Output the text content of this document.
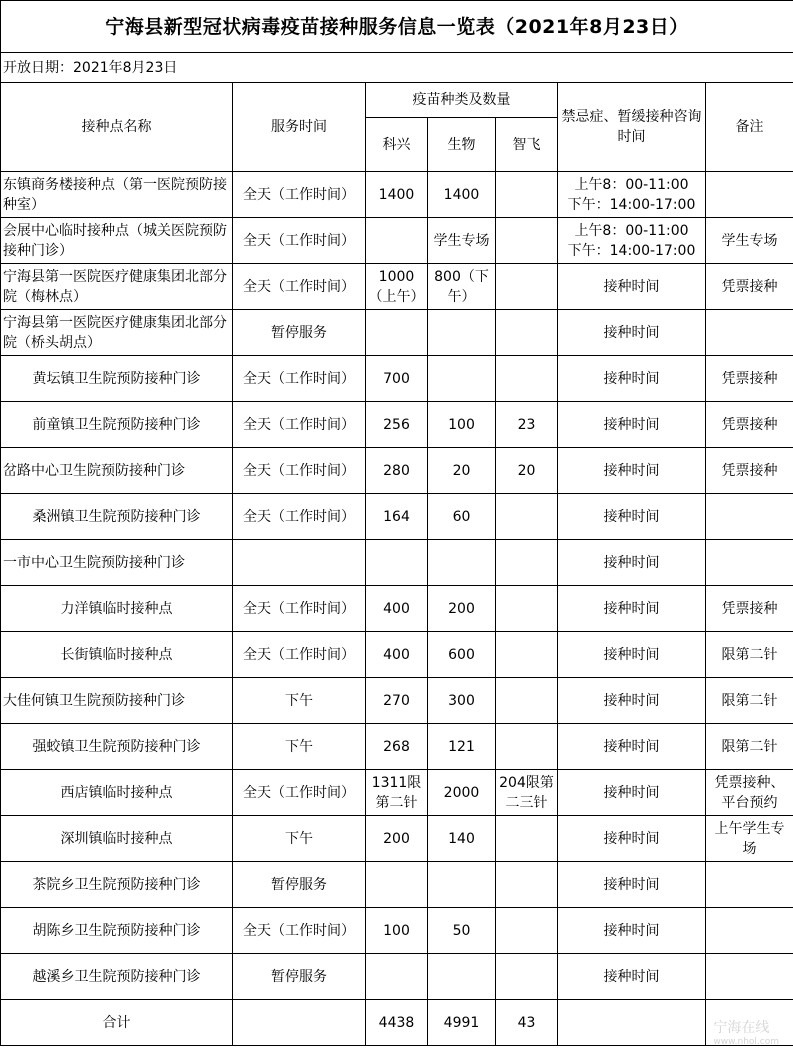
宁海县新型冠状病毒疫苗接种服务信息一览表（2021年8月23日）						
开放日期：2021年8月23日						
接种点名称	服务时间	疫苗种类及数量			禁忌症、暂缓接种咨询时间	备注
		科兴	生物	智飞		
东镇商务楼接种点（第一医院预防接种室）	全天（工作时间）	1400	1400		上午8：00-11:00
下午：14:00-17:00	
会展中心临时接种点（城关医院预防接种门诊）	全天（工作时间）		学生专场		上午8：00-11:00
下午：14:00-17:00	学生专场
宁海县第一医院医疗健康集团北部分院（梅林点）	全天（工作时间）	1000（上午）	800（下午）		接种时间	凭票接种
宁海县第一医院医疗健康集团北部分院（桥头胡点）	暂停服务				接种时间	
黄坛镇卫生院预防接种门诊	全天（工作时间）	700			接种时间	凭票接种
前童镇卫生院预防接种门诊	全天（工作时间）	256	100	23	接种时间	凭票接种
岔路中心卫生院预防接种门诊	全天（工作时间）	280	20	20	接种时间	凭票接种
桑洲镇卫生院预防接种门诊	全天（工作时间）	164	60		接种时间	
一市中心卫生院预防接种门诊					接种时间	
力洋镇临时接种点	全天（工作时间）	400	200		接种时间	凭票接种
长街镇临时接种点	全天（工作时间）	400	600		接种时间	限第二针
大佳何镇卫生院预防接种门诊	下午	270	300		接种时间	限第二针
强蛟镇卫生院预防接种门诊	下午	268	121		接种时间	限第二针
西店镇临时接种点	全天（工作时间）	1311限第二针	2000	204限第二三针	接种时间	凭票接种、平台预约
深圳镇临时接种点	下午	200	140		接种时间	上午学生专场
茶院乡卫生院预防接种门诊	暂停服务				接种时间	
胡陈乡卫生院预防接种门诊	全天（工作时间）	100	50		接种时间	
越溪乡卫生院预防接种门诊	暂停服务				接种时间	
合计		4438	4991	43			宁海在线
www.nhol.com
